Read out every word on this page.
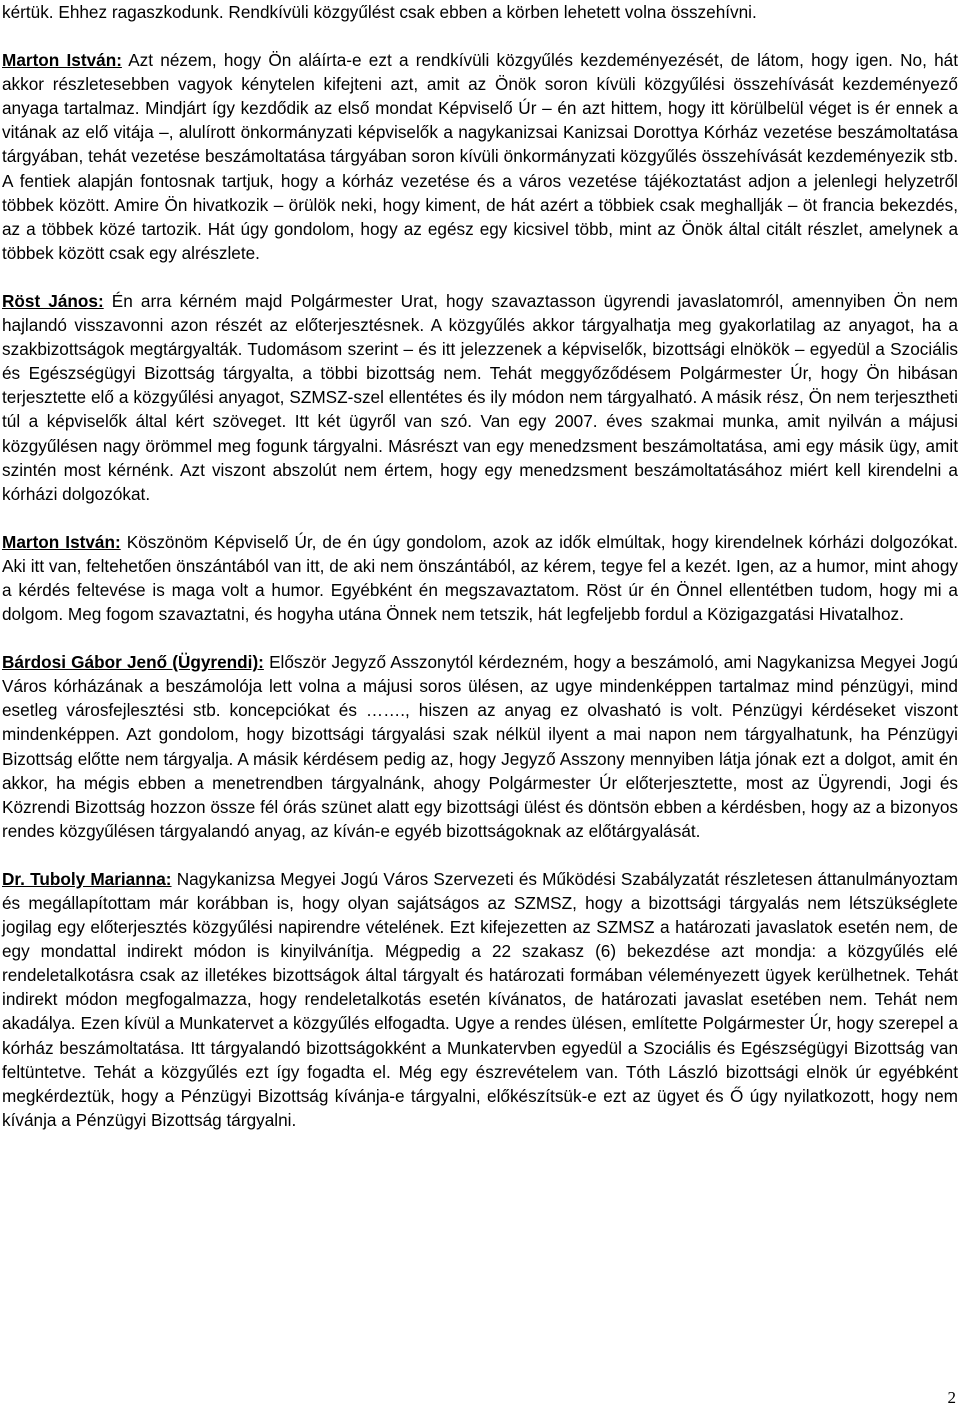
kértük. Ehhez ragaszkodunk. Rendkívüli közgyűlést csak ebben a körben lehetett volna összehívni.

Marton István: Azt nézem, hogy Ön aláírta-e ezt a rendkívüli közgyűlés kezdeményezését, de látom, hogy igen. No, hát akkor részletesebben vagyok kénytelen kifejteni azt, amit az Önök soron kívüli közgyűlési összehívását kezdeményező anyaga tartalmaz. Mindjárt így kezdődik az első mondat Képviselő Úr – én azt hittem, hogy itt körülbelül véget is ér ennek a vitának az elő vitája –, alulírott önkormányzati képviselők a nagykanizsai Kanizsai Dorottya Kórház vezetése beszámoltatása tárgyában, tehát vezetése beszámoltatása tárgyában soron kívüli önkormányzati közgyűlés összehívását kezdeményezik stb. A fentiek alapján fontosnak tartjuk, hogy a kórház vezetése és a város vezetése tájékoztatást adjon a jelenlegi helyzetről többek között. Amire Ön hivatkozik – örülök neki, hogy kiment, de hát azért a többiek csak meghallják – öt francia bekezdés, az a többek közé tartozik. Hát úgy gondolom, hogy az egész egy kicsivel több, mint az Önök által citált részlet, amelynek a többek között csak egy alrészlete.

Röst János: Én arra kérném majd Polgármester Urat, hogy szavaztasson ügyrendi javaslatomról, amennyiben Ön nem hajlandó visszavonni azon részét az előterjesztésnek. A közgyűlés akkor tárgyalhatja meg gyakorlatilag az anyagot, ha a szakbizottságok megtárgyalták. Tudomásom szerint – és itt jelezzenek a képviselők, bizottsági elnökök – egyedül a Szociális és Egészségügyi Bizottság tárgyalta, a többi bizottság nem. Tehát meggyőződésem Polgármester Úr, hogy Ön hibásan terjesztette elő a közgyűlési anyagot, SZMSZ-szel ellentétes és ily módon nem tárgyalható. A másik rész, Ön nem terjesztheti túl a képviselők által kért szöveget. Itt két ügyről van szó. Van egy 2007. éves szakmai munka, amit nyilván a májusi közgyűlésen nagy örömmel meg fogunk tárgyalni. Másrészt van egy menedzsment beszámoltatása, ami egy másik ügy, amit szintén most kérnénk. Azt viszont abszolút nem értem, hogy egy menedzsment beszámoltatásához miért kell kirendelni a kórházi dolgozókat.

Marton István: Köszönöm Képviselő Úr, de én úgy gondolom, azok az idők elmúltak, hogy kirendelnek kórházi dolgozókat. Aki itt van, feltehetően önszántából van itt, de aki nem önszántából, az kérem, tegye fel a kezét. Igen, az a humor, mint ahogy a kérdés feltevése is maga volt a humor. Egyébként én megszavaztatom. Röst úr én Önnel ellentétben tudom, hogy mi a dolgom. Meg fogom szavaztatni, és hogyha utána Önnek nem tetszik, hát legfeljebb fordul a Közigazgatási Hivatalhoz.

Bárdosi Gábor Jenő (Ügyrendi): Először Jegyző Asszonytól kérdezném, hogy a beszámoló, ami Nagykanizsa Megyei Jogú Város kórházának a beszámolója lett volna a májusi soros ülésen, az ugye mindenképpen tartalmaz mind pénzügyi, mind esetleg városfejlesztési stb. koncepciókat és ……., hiszen az anyag ez olvasható is volt. Pénzügyi kérdéseket viszont mindenképpen. Azt gondolom, hogy bizottsági tárgyalási szak nélkül ilyent a mai napon nem tárgyalhatunk, ha Pénzügyi Bizottság előtte nem tárgyalja. A másik kérdésem pedig az, hogy Jegyző Asszony mennyiben látja jónak ezt a dolgot, amit én akkor, ha mégis ebben a menetrendben tárgyalnánk, ahogy Polgármester Úr előterjesztette, most az Ügyrendi, Jogi és Közrendi Bizottság hozzon össze fél órás szünet alatt egy bizottsági ülést és döntsön ebben a kérdésben, hogy az a bizonyos rendes közgyűlésen tárgyalandó anyag, az kíván-e egyéb bizottságoknak az előtárgyalását.

Dr. Tuboly Marianna: Nagykanizsa Megyei Jogú Város Szervezeti és Működési Szabályzatát részletesen áttanulmányoztam és megállapítottam már korábban is, hogy olyan sajátságos az SZMSZ, hogy a bizottsági tárgyalás nem létszükséglete jogilag egy előterjesztés közgyűlési napirendre vételének. Ezt kifejezetten az SZMSZ a határozati javaslatok esetén nem, de egy mondattal indirekt módon is kinyilvánítja. Mégpedig a 22 szakasz (6) bekezdése azt mondja: a közgyűlés elé rendeletalkotásra csak az illetékes bizottságok által tárgyalt és határozati formában véleményezett ügyek kerülhetnek. Tehát indirekt módon megfogalmazza, hogy rendeletalkotás esetén kívánatos, de határozati javaslat esetében nem. Tehát nem akadálya. Ezen kívül a Munkatervet a közgyűlés elfogadta. Ugye a rendes ülésen, említette Polgármester Úr, hogy szerepel a kórház beszámoltatása. Itt tárgyalandó bizottságokként a Munkatervben egyedül a Szociális és Egészségügyi Bizottság van feltüntetve. Tehát a közgyűlés ezt így fogadta el. Még egy észrevételem van. Tóth László bizottsági elnök úr egyébként megkérdeztük, hogy a Pénzügyi Bizottság kívánja-e tárgyalni, előkészítsük-e ezt az ügyet és Ő úgy nyilatkozott, hogy nem kívánja a Pénzügyi Bizottság tárgyalni.

2
